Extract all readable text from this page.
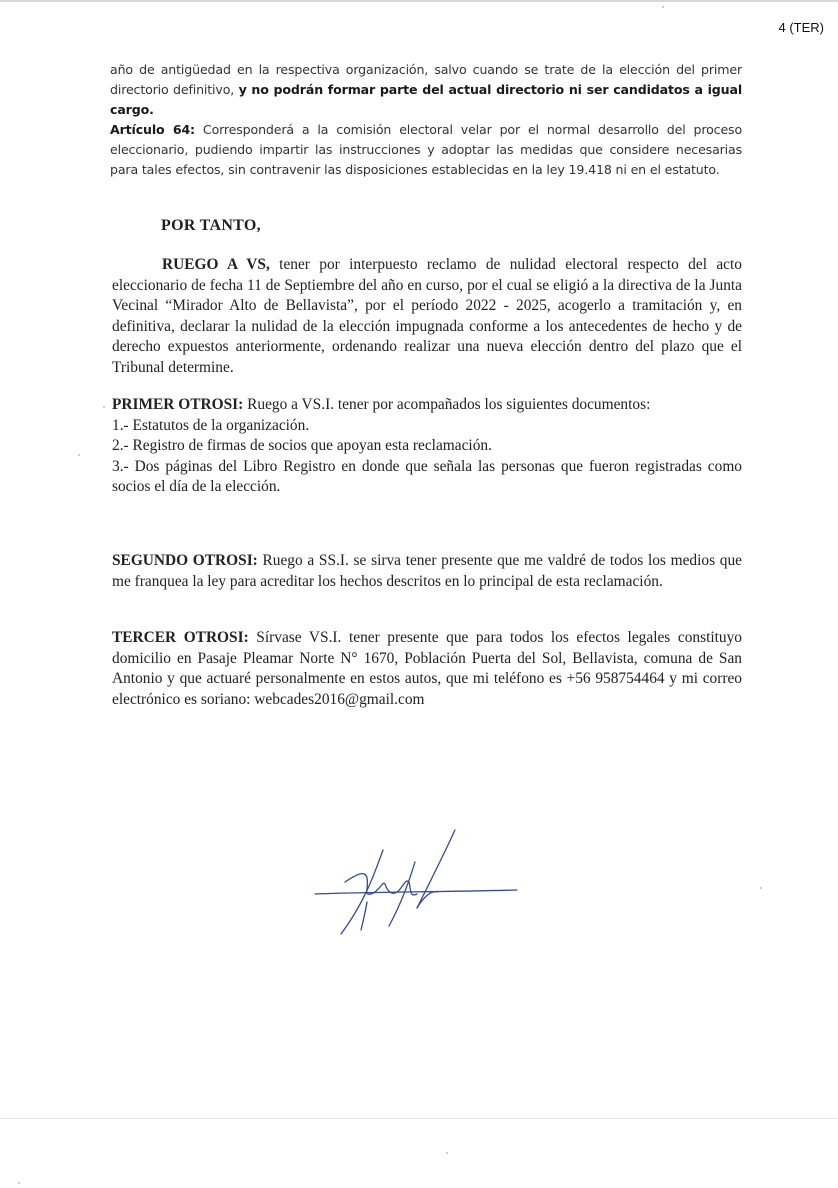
4 (TER)

año de antigüedad en la respectiva organización, salvo cuando se trate de la elección del primer directorio definitivo, y no podrán formar parte del actual directorio ni ser candidatos a igual cargo.

Artículo 64: Corresponderá a la comisión electoral velar por el normal desarrollo del proceso eleccionario, pudiendo impartir las instrucciones y adoptar las medidas que considere necesarias para tales efectos, sin contravenir las disposiciones establecidas en la ley 19.418 ni en el estatuto.

POR TANTO,

RUEGO A VS, tener por interpuesto reclamo de nulidad electoral respecto del acto eleccionario de fecha 11 de Septiembre del año en curso, por el cual se eligió a la directiva de la Junta Vecinal “Mirador Alto de Bellavista”, por el período 2022 - 2025, acogerlo a tramitación y, en definitiva, declarar la nulidad de la elección impugnada conforme a los antecedentes de hecho y de derecho expuestos anteriormente, ordenando realizar una nueva elección dentro del plazo que el Tribunal determine.

PRIMER OTROSI: Ruego a VS.I. tener por acompañados los siguientes documentos:
1.- Estatutos de la organización.
2.- Registro de firmas de socios que apoyan esta reclamación.
3.- Dos páginas del Libro Registro en donde que señala las personas que fueron registradas como socios el día de la elección.

SEGUNDO OTROSI: Ruego a SS.I. se sirva tener presente que me valdré de todos los medios que me franquea la ley para acreditar los hechos descritos en lo principal de esta reclamación.

TERCER OTROSI: Sírvase VS.I. tener presente que para todos los efectos legales constituyo domicilio en Pasaje Pleamar Norte N° 1670, Población Puerta del Sol, Bellavista, comuna de San Antonio y que actuaré personalmente en estos autos, que mi teléfono es +56 958754464 y mi correo electrónico es soriano: webcades2016@gmail.com
